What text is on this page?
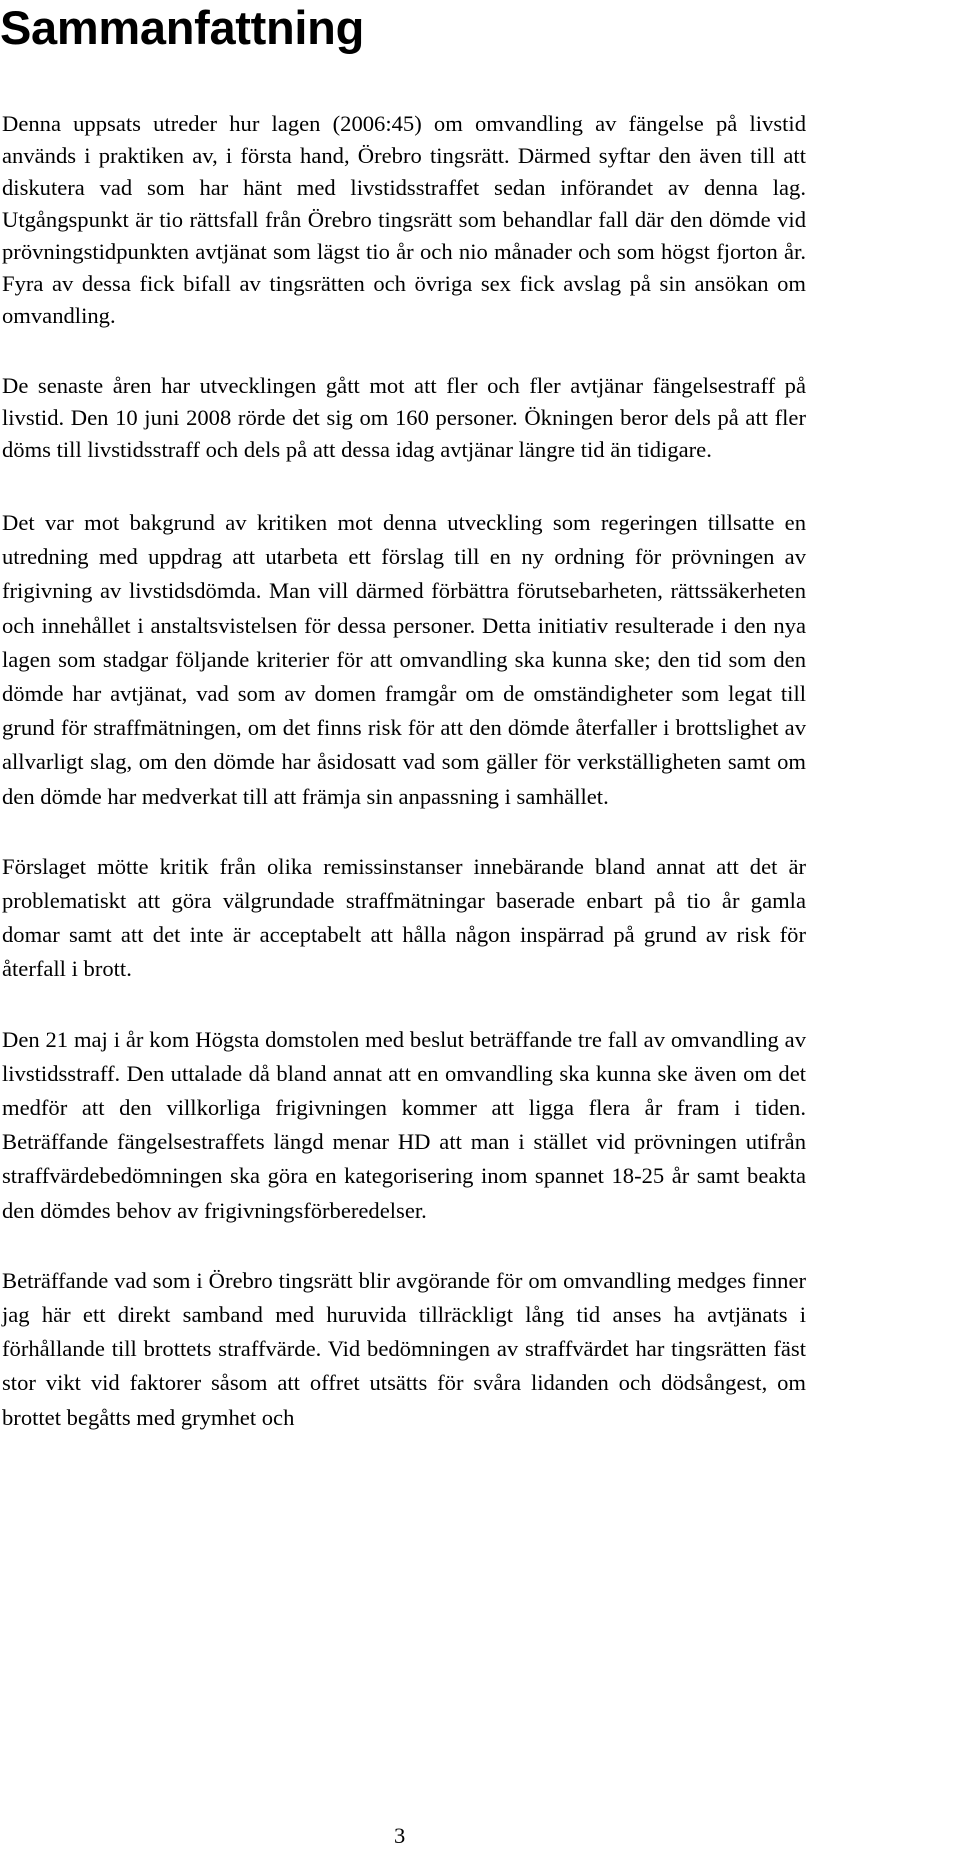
Sammanfattning

Denna uppsats utreder hur lagen (2006:45) om omvandling av fängelse på livstid används i praktiken av, i första hand, Örebro tingsrätt. Därmed syftar den även till att diskutera vad som har hänt med livstidsstraffet sedan införandet av denna lag. Utgångspunkt är tio rättsfall från Örebro tingsrätt som behandlar fall där den dömde vid prövningstidpunkten avtjänat som lägst tio år och nio månader och som högst fjorton år. Fyra av dessa fick bifall av tingsrätten och övriga sex fick avslag på sin ansökan om omvandling.

De senaste åren har utvecklingen gått mot att fler och fler avtjänar fängelsestraff på livstid. Den 10 juni 2008 rörde det sig om 160 personer. Ökningen beror dels på att fler döms till livstidsstraff och dels på att dessa idag avtjänar längre tid än tidigare.

Det var mot bakgrund av kritiken mot denna utveckling som regeringen tillsatte en utredning med uppdrag att utarbeta ett förslag till en ny ordning för prövningen av frigivning av livstidsdömda. Man vill därmed förbättra förutsebarheten, rättssäkerheten och innehållet i anstaltsvistelsen för dessa personer. Detta initiativ resulterade i den nya lagen som stadgar följande kriterier för att omvandling ska kunna ske; den tid som den dömde har avtjänat, vad som av domen framgår om de omständigheter som legat till grund för straffmätningen, om det finns risk för att den dömde återfaller i brottslighet av allvarligt slag, om den dömde har åsidosatt vad som gäller för verkställigheten samt om den dömde har medverkat till att främja sin anpassning i samhället.

Förslaget mötte kritik från olika remissinstanser innebärande bland annat att det är problematiskt att göra välgrundade straffmätningar baserade enbart på tio år gamla domar samt att det inte är acceptabelt att hålla någon inspärrad på grund av risk för återfall i brott.

Den 21 maj i år kom Högsta domstolen med beslut beträffande tre fall av omvandling av livstidsstraff. Den uttalade då bland annat att en omvandling ska kunna ske även om det medför att den villkorliga frigivningen kommer att ligga flera år fram i tiden. Beträffande fängelsestraffets längd menar HD att man i stället vid prövningen utifrån straffvärdebedömningen ska göra en kategorisering inom spannet 18-25 år samt beakta den dömdes behov av frigivningsförberedelser.

Beträffande vad som i Örebro tingsrätt blir avgörande för om omvandling medges finner jag här ett direkt samband med huruvida tillräckligt lång tid anses ha avtjänats i förhållande till brottets straffvärde. Vid bedömningen av straffvärdet har tingsrätten fäst stor vikt vid faktorer såsom att offret utsätts för svåra lidanden och dödsångest, om brottet begåtts med grymhet och

3
